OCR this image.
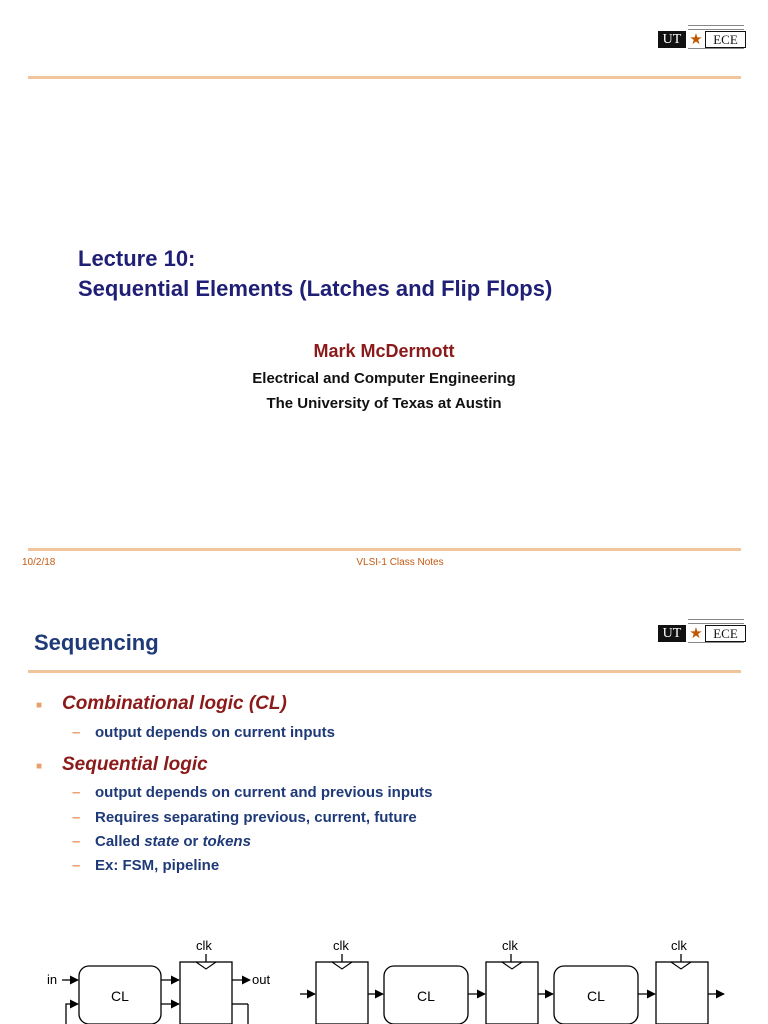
UT ★ ECE
Lecture 10:
Sequential Elements (Latches and Flip Flops)
Mark McDermott
Electrical and Computer Engineering
The University of Texas at Austin
10/2/18	VLSI-1 Class Notes
Sequencing	UT ★ ECE
■ Combinational logic (CL)
– output depends on current inputs
■ Sequential logic
– output depends on current and previous inputs
– Requires separating previous, current, future
– Called state or tokens
– Ex: FSM, pipeline
clk
in
CL
out
clk
CL
clk
CL
clk
